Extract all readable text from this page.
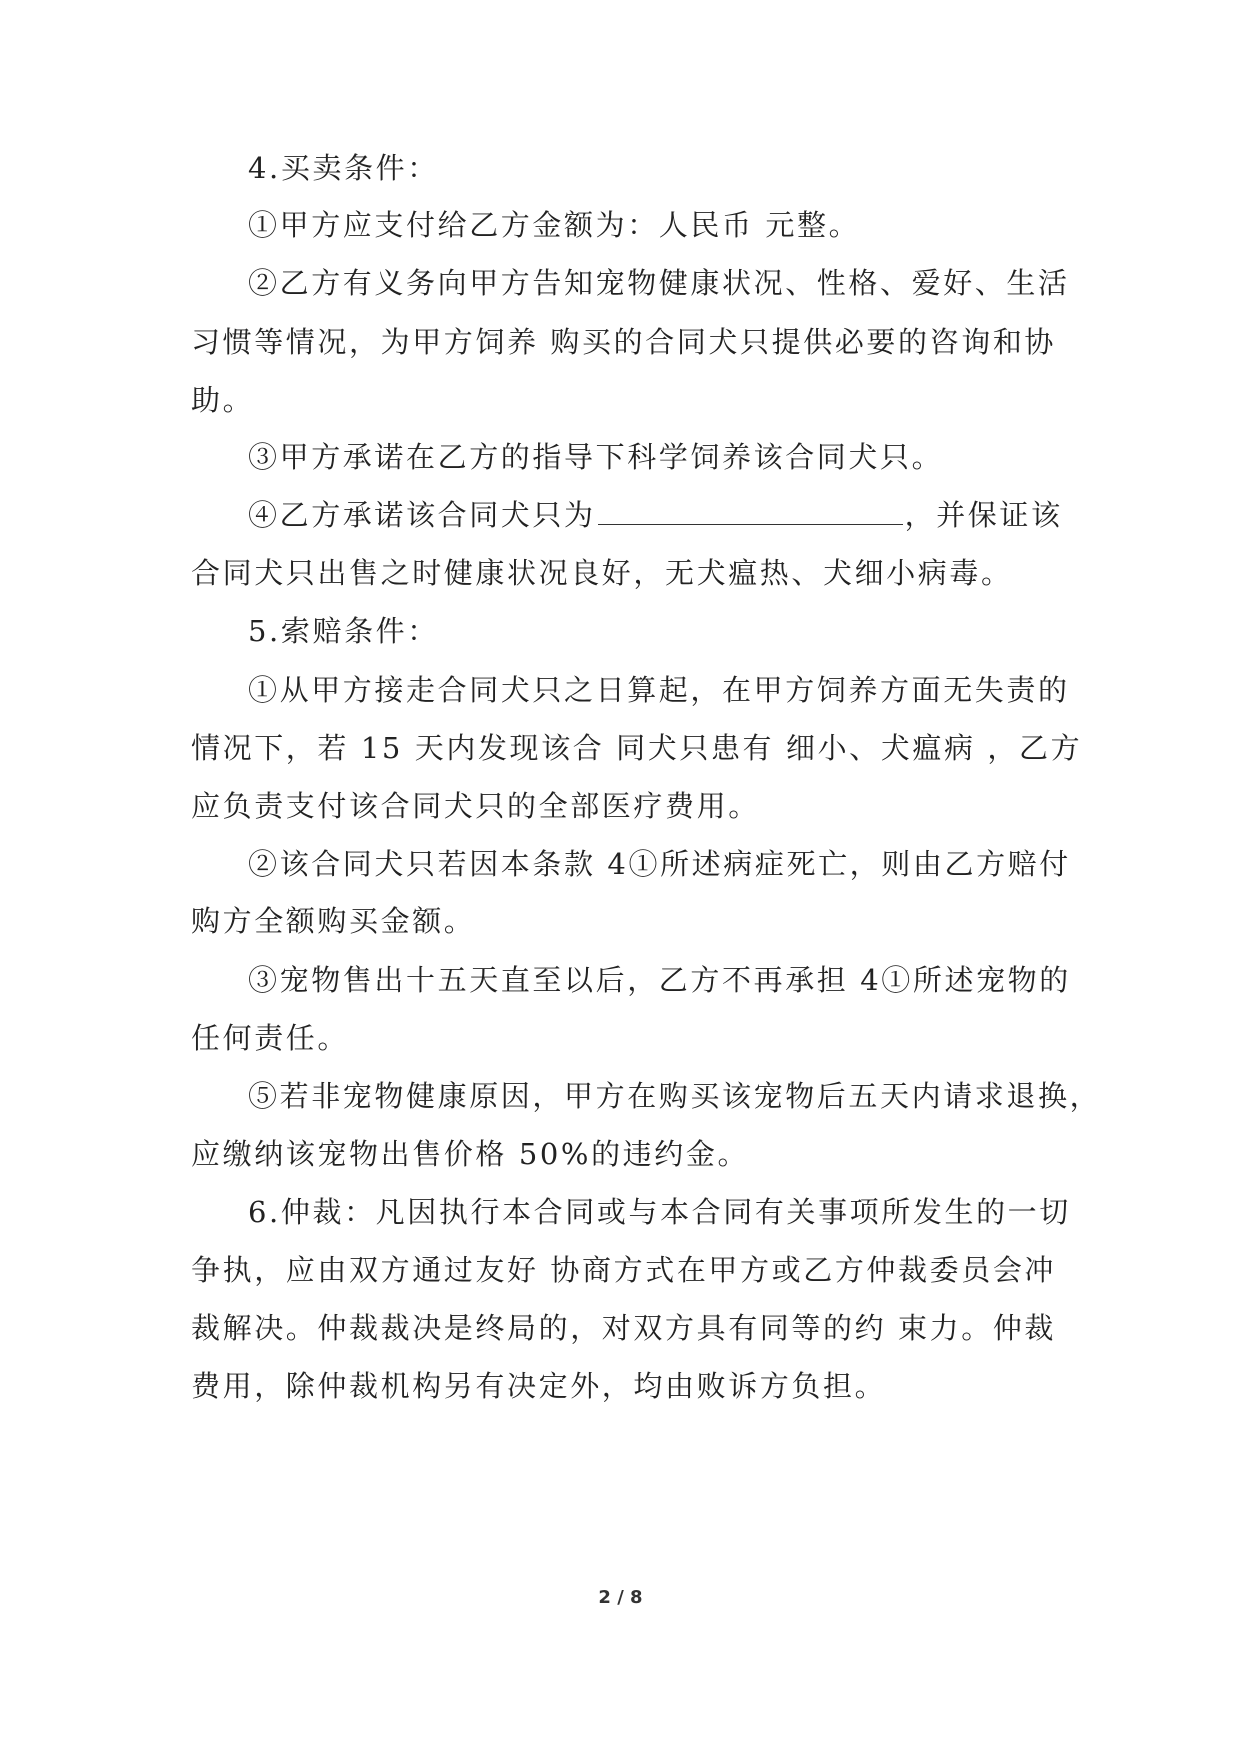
4.买卖条件：
①甲方应支付给乙方金额为：人民币 元整。
②乙方有义务向甲方告知宠物健康状况、性格、爱好、生活
习惯等情况，为甲方饲养 购买的合同犬只提供必要的咨询和协
助。
③甲方承诺在乙方的指导下科学饲养该合同犬只。
④乙方承诺该合同犬只为	，并保证该
合同犬只出售之时健康状况良好，无犬瘟热、犬细小病毒。
5.索赔条件：
①从甲方接走合同犬只之日算起，在甲方饲养方面无失责的
情况下，若 15 天内发现该合 同犬只患有 细小、犬瘟病 ，乙方
应负责支付该合同犬只的全部医疗费用。
②该合同犬只若因本条款 4①所述病症死亡，则由乙方赔付
购方全额购买金额。
③宠物售出十五天直至以后，乙方不再承担 4①所述宠物的
任何责任。
⑤若非宠物健康原因，甲方在购买该宠物后五天内请求退换，
应缴纳该宠物出售价格 50%的违约金。
6.仲裁：凡因执行本合同或与本合同有关事项所发生的一切
争执，应由双方通过友好 协商方式在甲方或乙方仲裁委员会冲
裁解决。仲裁裁决是终局的，对双方具有同等的约 束力。仲裁
费用，除仲裁机构另有决定外，均由败诉方负担。
2 / 8
